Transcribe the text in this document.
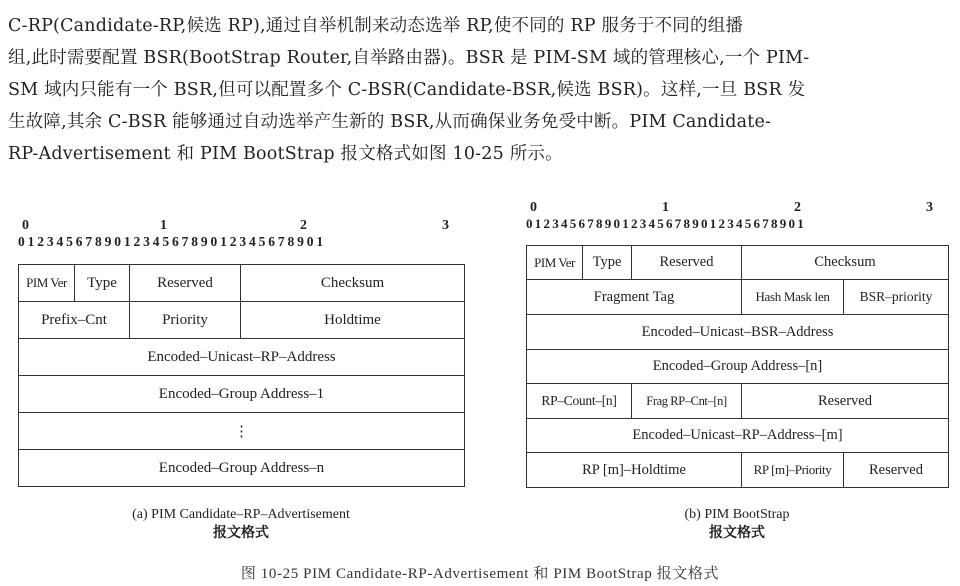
C-RP(Candidate-RP,候选 RP),通过自举机制来动态选举 RP,使不同的 RP 服务于不同的组播
组,此时需要配置 BSR(BootStrap Router,自举路由器)。BSR 是 PIM-SM 域的管理核心,一个 PIM-
SM 域内只能有一个 BSR,但可以配置多个 C-BSR(Candidate-BSR,候选 BSR)。这样,一旦 BSR 发
生故障,其余 C-BSR 能够通过自动选举产生新的 BSR,从而确保业务免受中断。PIM Candidate-
RP-Advertisement 和 PIM BootStrap 报文格式如图 10-25 所示。
0	1	2	3
0 1 2 3 4 5 6 7 8 9 0 1 2 3 4 5 6 7 8 9 0 1 2 3 4 5 6 7 8 9 0 1
PIM Ver	Type	Reserved	Checksum
Prefix–Cnt		Priority	Holdtime
Encoded–Unicast–RP–Address			
Encoded–Group Address–1			
⋮			
Encoded–Group Address–n			
0	1	2	3
0 1 2 3 4 5 6 7 8 9 0 1 2 3 4 5 6 7 8 9 0 1 2 3 4 5 6 7 8 9 0 1
PIM Ver	Type	Reserved	Checksum	
Fragment Tag			Hash Mask len	BSR–priority
Encoded–Unicast–BSR–Address				
Encoded–Group Address–[n]				
RP–Count–[n]		Frag RP–Cnt–[n]	Reserved	
Encoded–Unicast–RP–Address–[m]				
RP [m]–Holdtime			RP [m]–Priority	Reserved
(a) PIM Candidate–RP–Advertisement
报文格式
(b) PIM BootStrap
报文格式
图 10-25 PIM Candidate-RP-Advertisement 和 PIM BootStrap 报文格式
